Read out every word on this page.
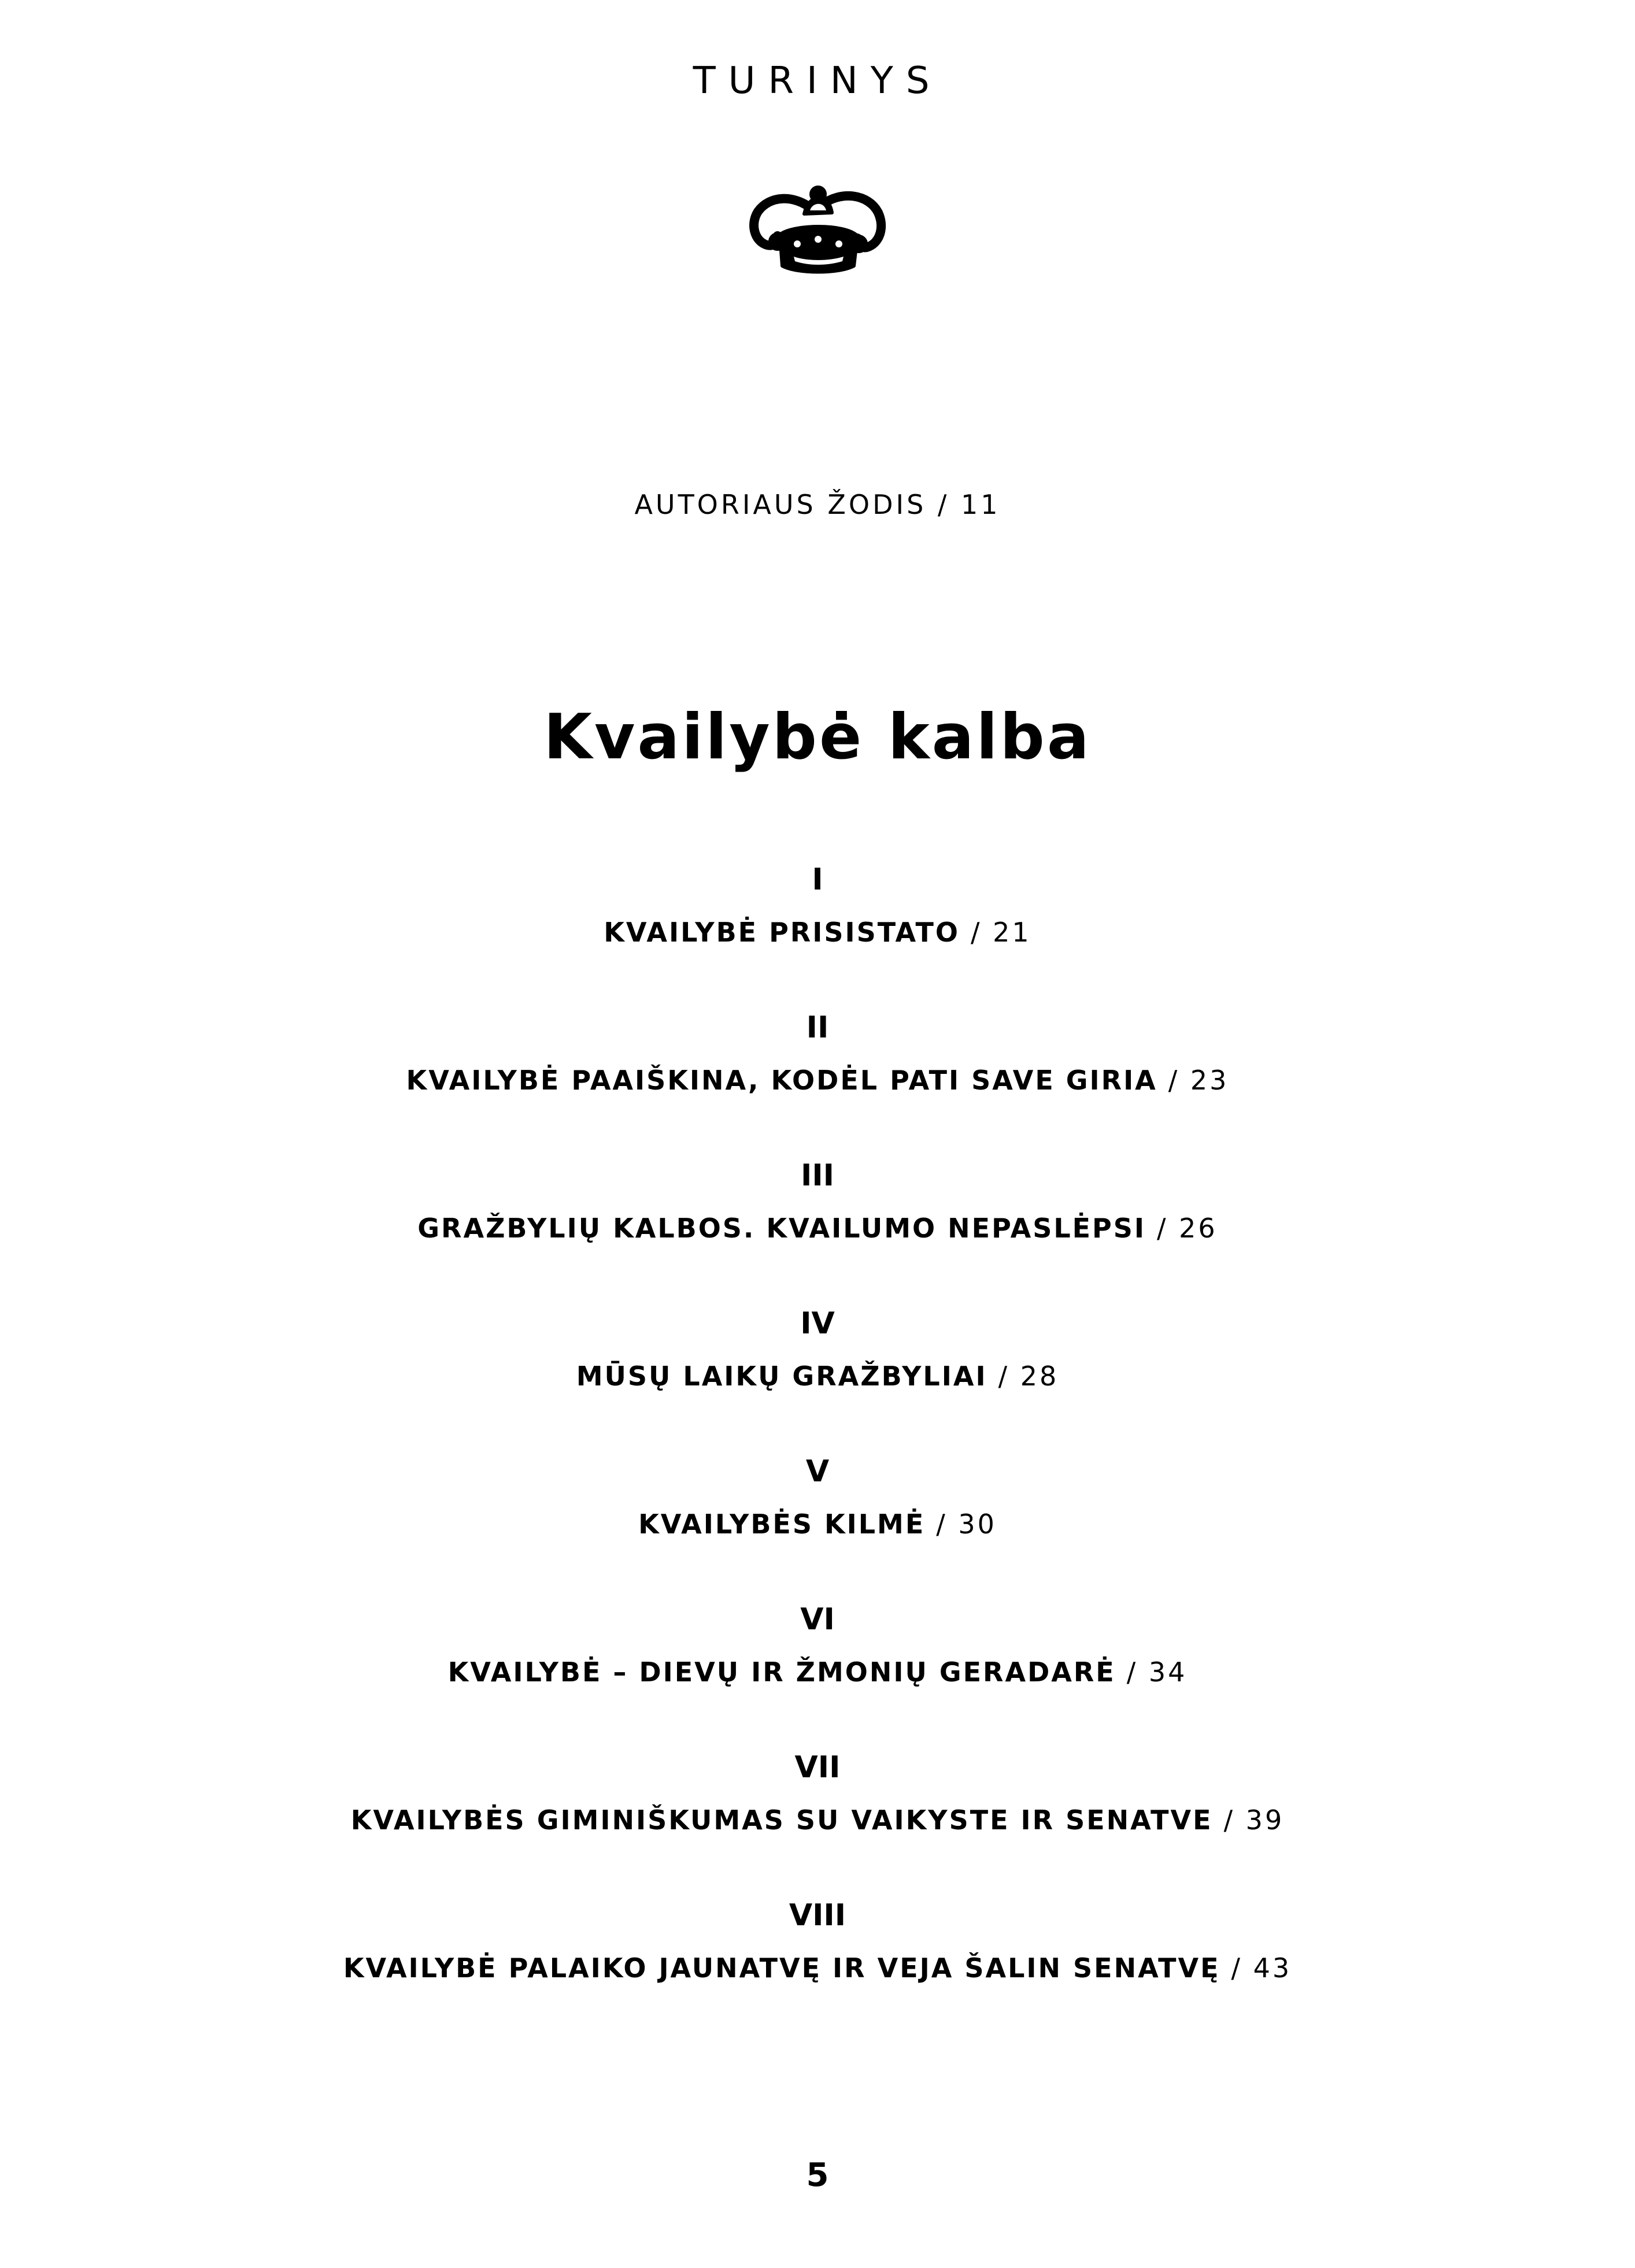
TURINYS
AUTORIAUS ŽODIS / 11
Kvailybė kalba
I
KVAILYBĖ PRISISTATO / 21
II
KVAILYBĖ PAAIŠKINA, KODĖL PATI SAVE GIRIA / 23
III
GRAŽBYLIŲ KALBOS. KVAILUMO NEPASLĖPSI / 26
IV
MŪSŲ LAIKŲ GRAŽBYLIAI / 28
V
KVAILYBĖS KILMĖ / 30
VI
KVAILYBĖ – DIEVŲ IR ŽMONIŲ GERADARĖ / 34
VII
KVAILYBĖS GIMINIŠKUMAS SU VAIKYSTE IR SENATVE / 39
VIII
KVAILYBĖ PALAIKO JAUNATVĘ IR VEJA ŠALIN SENATVĘ / 43
5
